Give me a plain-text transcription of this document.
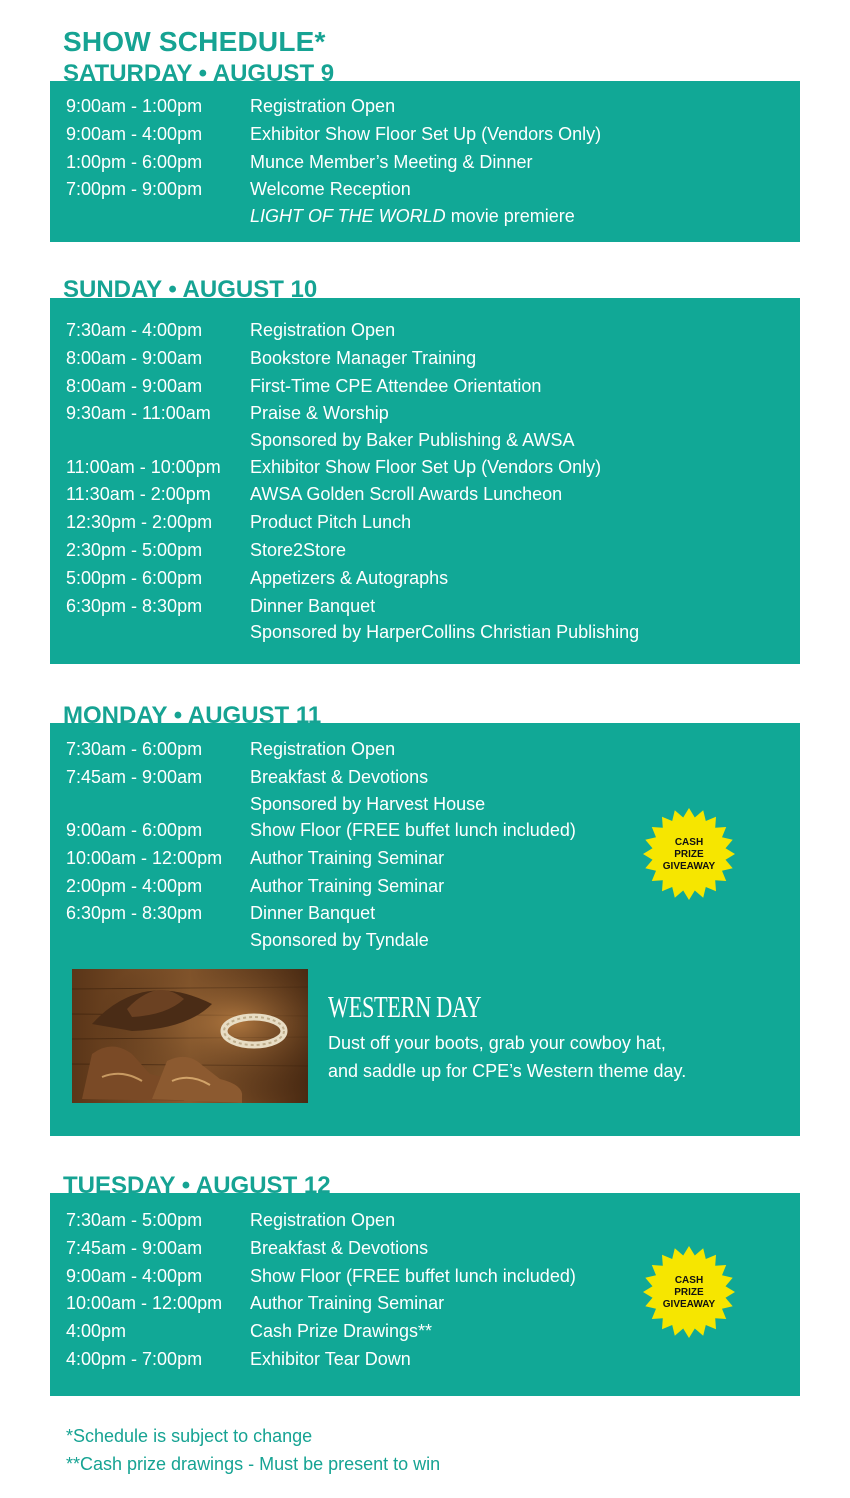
SHOW SCHEDULE*
SATURDAY • AUGUST 9
9:00am - 1:00pm	Registration Open
9:00am - 4:00pm	Exhibitor Show Floor Set Up (Vendors Only)
1:00pm - 6:00pm	Munce Member’s Meeting & Dinner
7:00pm - 9:00pm	Welcome Reception
LIGHT OF THE WORLD movie premiere
SUNDAY • AUGUST 10
7:30am - 4:00pm	Registration Open
8:00am - 9:00am	Bookstore Manager Training
8:00am - 9:00am	First-Time CPE Attendee Orientation
9:30am - 11:00am	Praise & Worship
Sponsored by Baker Publishing & AWSA
11:00am - 10:00pm	Exhibitor Show Floor Set Up (Vendors Only)
11:30am - 2:00pm	AWSA Golden Scroll Awards Luncheon
12:30pm - 2:00pm	Product Pitch Lunch
2:30pm - 5:00pm	Store2Store
5:00pm - 6:00pm	Appetizers & Autographs
6:30pm - 8:30pm	Dinner Banquet
Sponsored by HarperCollins Christian Publishing
MONDAY • AUGUST 11
7:30am - 6:00pm	Registration Open
7:45am - 9:00am	Breakfast & Devotions
Sponsored by Harvest House
9:00am - 6:00pm	Show Floor (FREE buffet lunch included)
10:00am - 12:00pm	Author Training Seminar
2:00pm - 4:00pm	Author Training Seminar
6:30pm - 8:30pm	Dinner Banquet
Sponsored by Tyndale
CASH
PRIZE
GIVEAWAY
WESTERN DAY
Dust off your boots, grab your cowboy hat,
and saddle up for CPE’s Western theme day.
TUESDAY • AUGUST 12
7:30am - 5:00pm	Registration Open
7:45am - 9:00am	Breakfast & Devotions
9:00am - 4:00pm	Show Floor (FREE buffet lunch included)
10:00am - 12:00pm	Author Training Seminar
4:00pm	Cash Prize Drawings**
4:00pm - 7:00pm	Exhibitor Tear Down
CASH
PRIZE
GIVEAWAY
*Schedule is subject to change
**Cash prize drawings - Must be present to win
